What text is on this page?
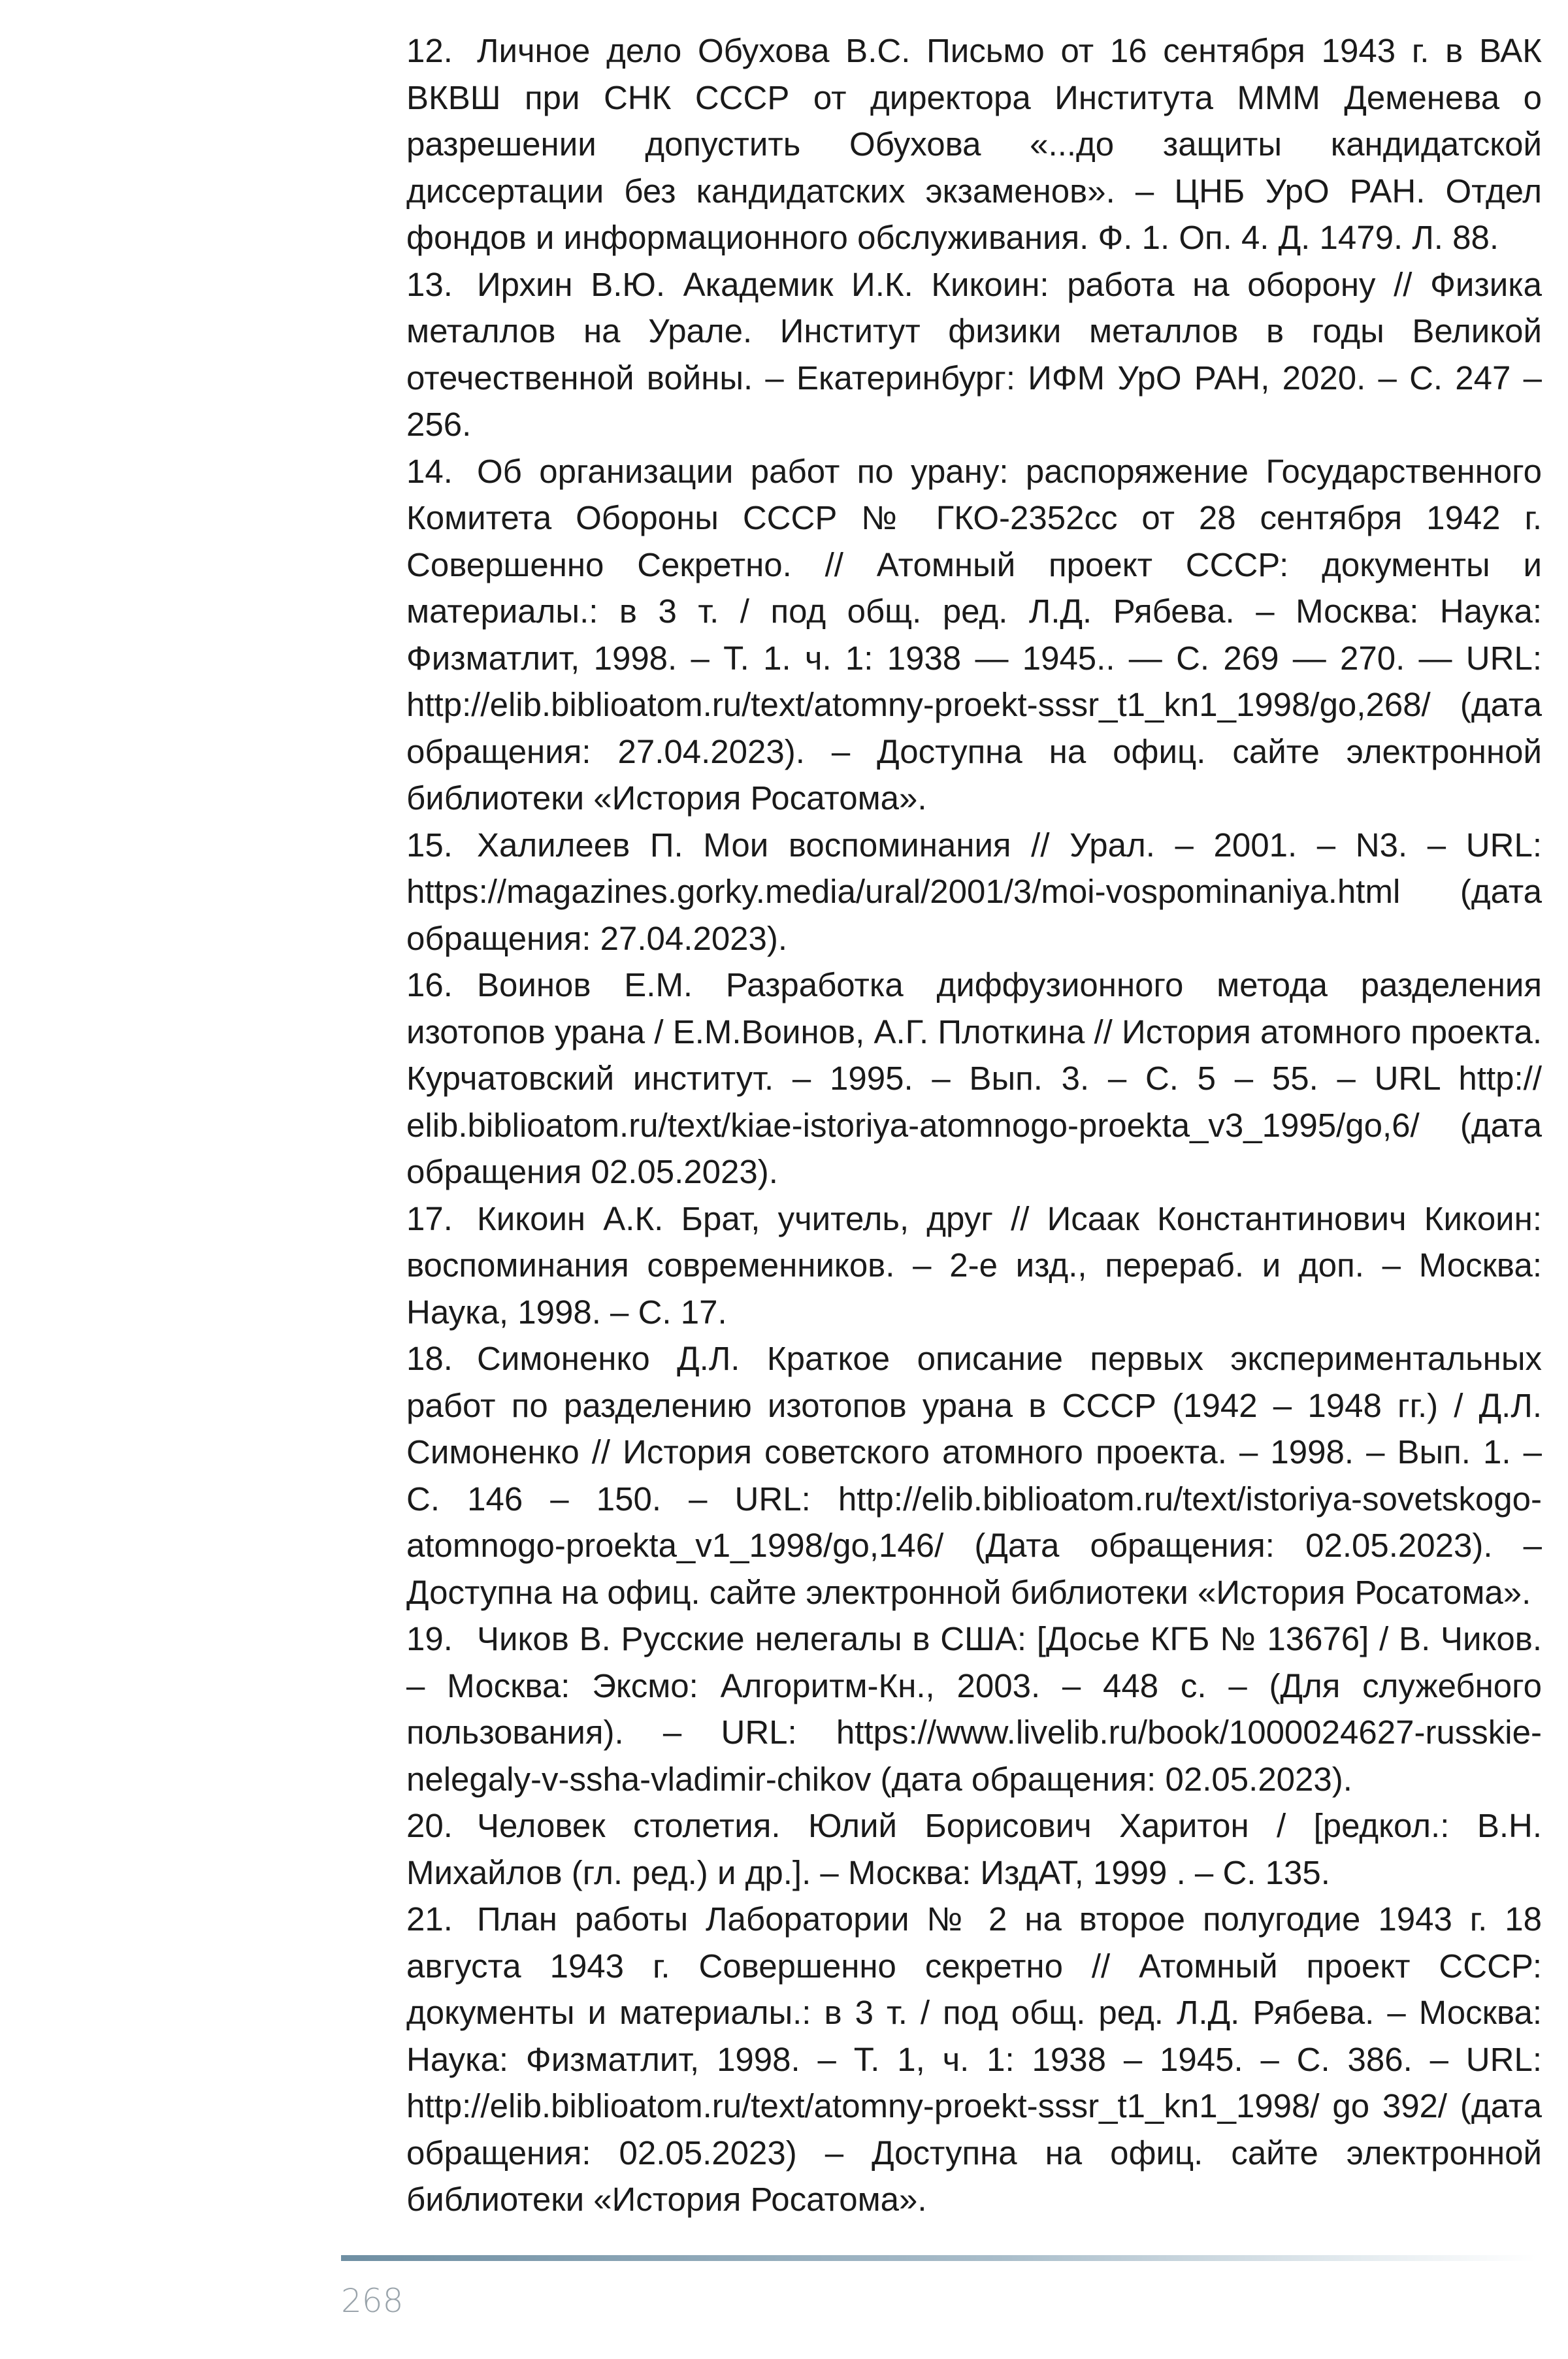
12. Личное дело Обухова В.С. Письмо от 16 сентября 1943 г. в ВАК ВКВШ при СНК СССР от директора Института МММ Деменева о разрешении допустить Обухова «...до защиты кандидатской диссертации без кандидатских экзаменов». – ЦНБ УрО РАН. Отдел фондов и информационного обслуживания. Ф. 1. Оп. 4. Д. 1479. Л. 88.
13. Ирхин В.Ю. Академик И.К. Кикоин: работа на оборону // Физика металлов на Урале. Институт физики металлов в годы Великой отечественной войны. – Екатеринбург: ИФМ УрО РАН, 2020. – С. 247 – 256.
14. Об организации работ по урану: распоряжение Государственного Комитета Обороны СССР № ГКО-2352сс от 28 сентября 1942 г. Совершенно Секретно. // Атомный проект СССР: документы и материалы.: в 3 т. / под общ. ред. Л.Д. Рябева. – Москва: Наука: Физматлит, 1998. – Т. 1. ч. 1: 1938 — 1945.. — С. 269 — 270. — URL: http://elib.biblioatom.ru/text/atomny-proekt-sssr_t1_kn1_1998/go,268/ (дата обращения: 27.04.2023). – Доступна на офиц. сайте электронной библиотеки «История Росатома».
15. Халилеев П. Мои воспоминания // Урал. – 2001. – N3. – URL: https://magazines.gorky.media/ural/2001/3/moi-vospominaniya.html (дата обращения: 27.04.2023).
16. Воинов Е.М. Разработка диффузионного метода разделения изотопов урана / Е.М.Воинов, А.Г. Плоткина // История атомного проекта. Курчатовский институт. – 1995. – Вып. 3. – С. 5 – 55. – URL http:// elib.biblioatom.ru/text/kiae-istoriya-atomnogo-proekta_v3_1995/go,6/ (дата обращения 02.05.2023).
17. Кикоин А.К. Брат, учитель, друг // Исаак Константинович Кикоин: воспоминания современников. – 2-е изд., перераб. и доп. – Москва: Наука, 1998. – С. 17.
18. Симоненко Д.Л. Краткое описание первых экспериментальных работ по разделению изотопов урана в СССР (1942 – 1948 гг.) / Д.Л. Симоненко // История советского атомного проекта. – 1998. – Вып. 1. – С. 146 – 150. – URL: http://elib.biblioatom.ru/text/istoriya-sovetskogo-atomnogo-proekta_v1_1998/go,146/ (Дата обращения: 02.05.2023). – Доступна на офиц. сайте электронной библиотеки «История Росатома».
19. Чиков В. Русские нелегалы в США: [Досье КГБ № 13676] / В. Чиков. – Москва: Эксмо: Алгоритм-Кн., 2003. – 448 с. – (Для служебного пользования). – URL: https://www.livelib.ru/book/1000024627-russkie-nelegaly-v-ssha-vladimir-chikov (дата обращения: 02.05.2023).
20. Человек столетия. Юлий Борисович Харитон / [редкол.: В.Н. Михайлов (гл. ред.) и др.]. – Москва: ИздАТ, 1999 . – С. 135.
21. План работы Лаборатории № 2 на второе полугодие 1943 г. 18 августа 1943 г. Совершенно секретно // Атомный проект СССР: документы и материалы.: в 3 т. / под общ. ред. Л.Д. Рябева. – Москва: Наука: Физматлит, 1998. – Т. 1, ч. 1: 1938 – 1945. – С. 386. – URL: http://elib.biblioatom.ru/text/atomny-proekt-sssr_t1_kn1_1998/ go 392/ (дата обращения: 02.05.2023) – Доступна на офиц. сайте электронной библиотеки «История Росатома».
268
